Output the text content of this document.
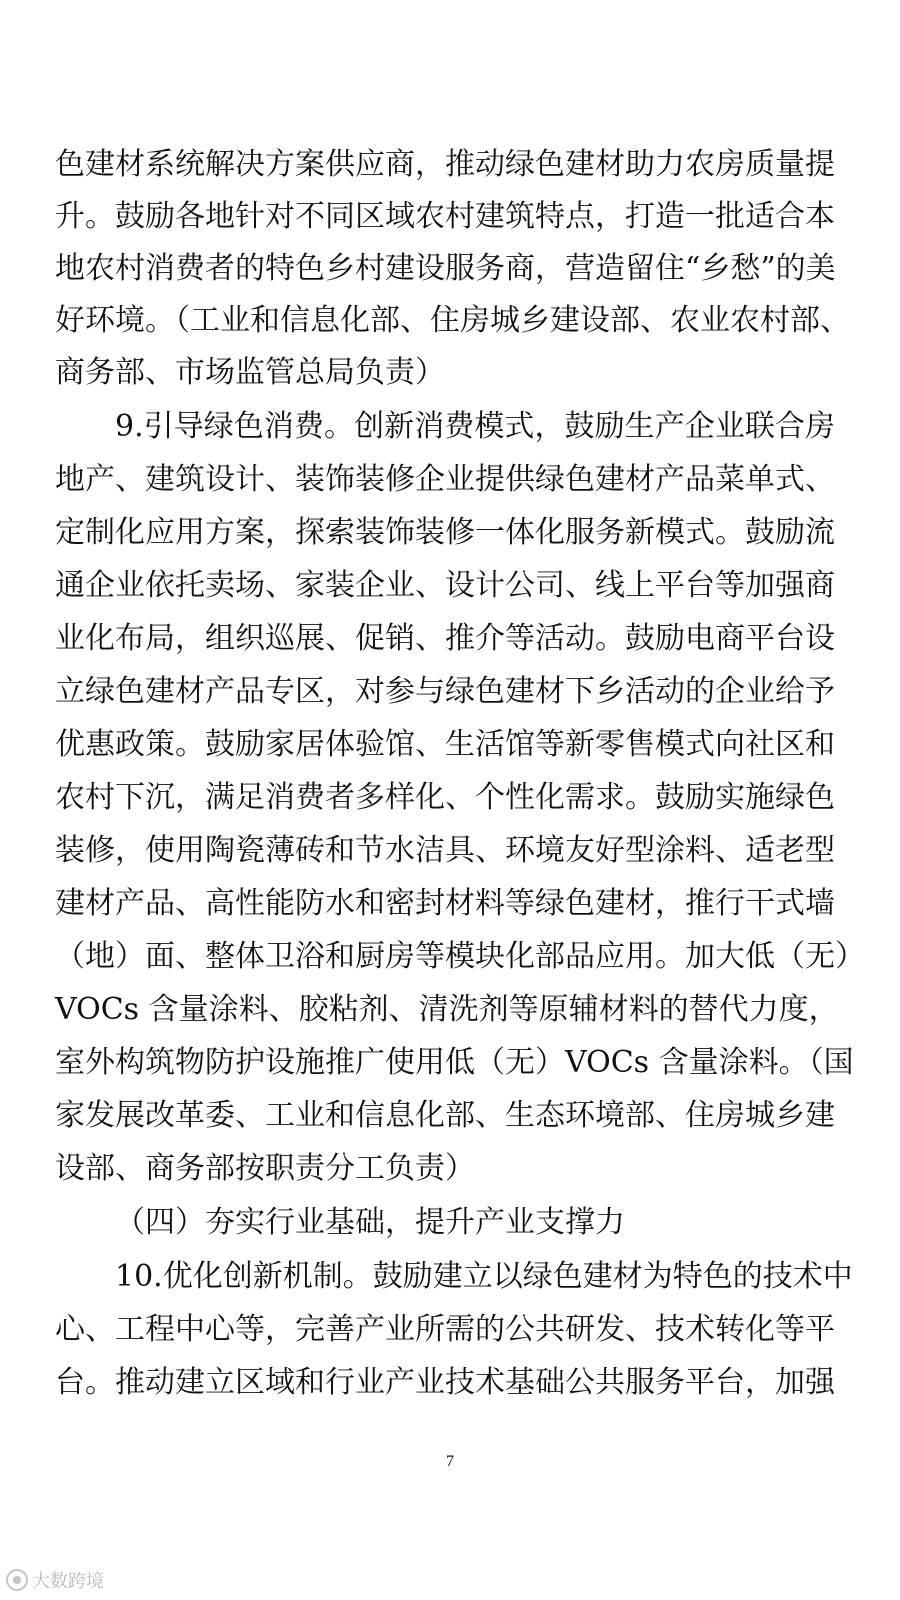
色建材系统解决方案供应商，推动绿色建材助力农房质量提
升。鼓励各地针对不同区域农村建筑特点，打造一批适合本
地农村消费者的特色乡村建设服务商，营造留住“乡愁”的美
好环境。（工业和信息化部、住房城乡建设部、农业农村部、
商务部、市场监管总局负责）
9.引导绿色消费。创新消费模式，鼓励生产企业联合房
地产、建筑设计、装饰装修企业提供绿色建材产品菜单式、
定制化应用方案，探索装饰装修一体化服务新模式。鼓励流
通企业依托卖场、家装企业、设计公司、线上平台等加强商
业化布局，组织巡展、促销、推介等活动。鼓励电商平台设
立绿色建材产品专区，对参与绿色建材下乡活动的企业给予
优惠政策。鼓励家居体验馆、生活馆等新零售模式向社区和
农村下沉，满足消费者多样化、个性化需求。鼓励实施绿色
装修，使用陶瓷薄砖和节水洁具、环境友好型涂料、适老型
建材产品、高性能防水和密封材料等绿色建材，推行干式墙
（地）面、整体卫浴和厨房等模块化部品应用。加大低（无）
VOCs 含量涂料、胶粘剂、清洗剂等原辅材料的替代力度，
室外构筑物防护设施推广使用低（无）VOCs 含量涂料。（国
家发展改革委、工业和信息化部、生态环境部、住房城乡建
设部、商务部按职责分工负责）
（四）夯实行业基础，提升产业支撑力
10.优化创新机制。鼓励建立以绿色建材为特色的技术中
心、工程中心等，完善产业所需的公共研发、技术转化等平
台。推动建立区域和行业产业技术基础公共服务平台，加强
7
大数跨境
